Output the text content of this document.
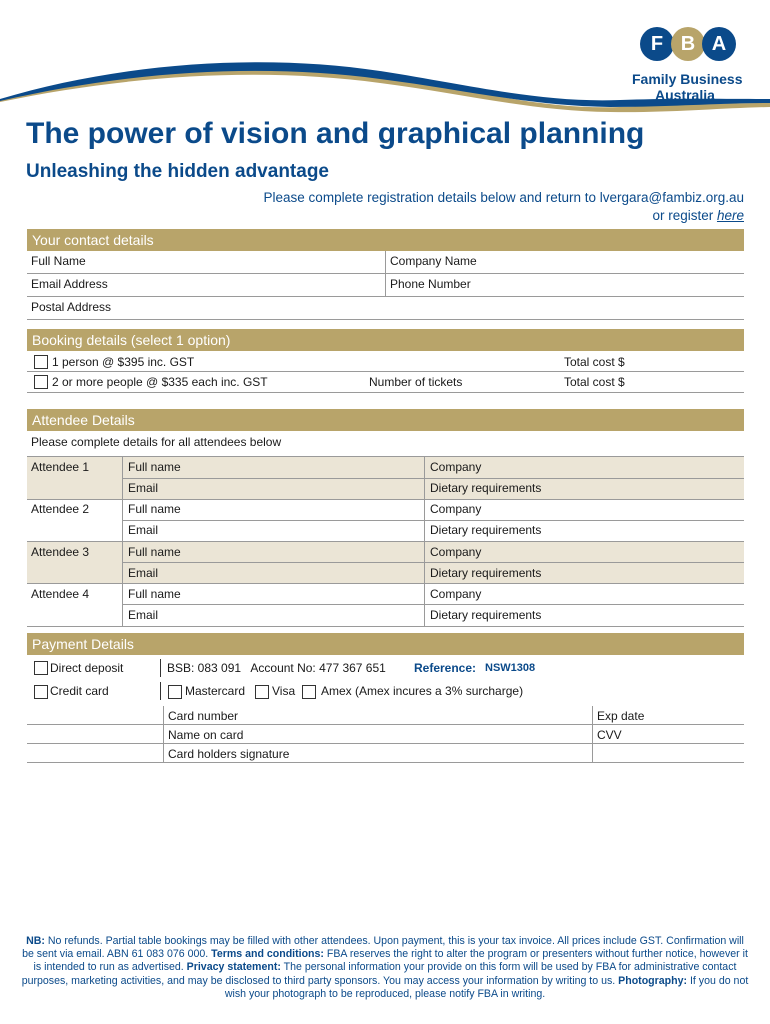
F B A
Family Business
Australia
The power of vision and graphical planning
Unleashing the hidden advantage
Please complete registration details below and return to lvergara@fambiz.org.au
or register here
Your contact details
Full Name	Company Name
Email Address	Phone Number
Postal Address
Booking details (select 1 option)
1 person @ $395 inc. GST	Total cost $
2 or more people @ $335 each inc. GST	Number of tickets	Total cost $
Attendee Details
Please complete details for all attendees below
Attendee 1	Full name	Company
Email	Dietary requirements
Attendee 2	Full name	Company
Email	Dietary requirements
Attendee 3	Full name	Company
Email	Dietary requirements
Attendee 4	Full name	Company
Email	Dietary requirements
Payment Details
Direct deposit	BSB: 083 091   Account No: 477 367 651 Reference: NSW1308
Credit card	Mastercard Visa Amex (Amex incures a 3% surcharge)
Card number	Exp date
Name on card	CVV
Card holders signature
NB: No refunds. Partial table bookings may be filled with other attendees. Upon payment, this is your tax invoice. All prices include GST. Confirmation will be sent via email. ABN 61 083 076 000. Terms and conditions: FBA reserves the right to alter the program or presenters without further notice, however it is intended to run as advertised. Privacy statement: The personal information your provide on this form will be used by FBA for administrative contact purposes, marketing activities, and may be disclosed to third party sponsors. You may access your information by writing to us. Photography: If you do not wish your photograph to be reproduced, please notify FBA in writing.
